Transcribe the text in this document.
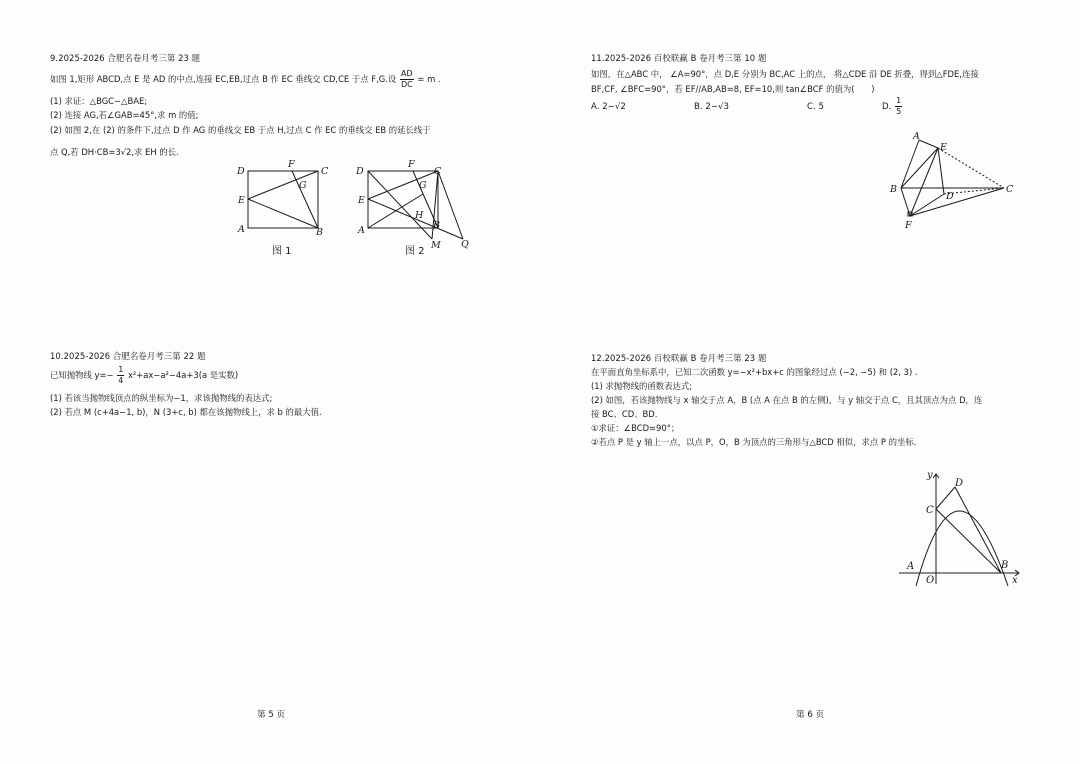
9.2025-2026 合肥名卷月考三第 23 题
如图 1,矩形 ABCD,点 E 是 AD 的中点,连接 EC,EB,过点 B 作 EC 垂线交 CD,CE 于点 F,G.设 $\frac{AD}{DC} = m$ .
(1) 求证：△BGC∽△BAE;
(2) 连接 AG,若∠GAB=45°,求 m 的值;
(2) 如图 2,在 (2) 的条件下,过点 D 作 AG 的垂线交 EB 于点 H,过点 C 作 EC 的垂线交 EB 的延长线于
点 Q,若 DH·CB=3√2,求 EH 的长.
D
F
C
G
E
A	B
图 1
D
F
C
G
E
H
A	B
M Q
图 2
10.2025-2026 合肥名卷月考三第 22 题
已知抛物线 $y=- \frac{1}{4} x^2+ax-a^2-4a+3(a$ 是实数)
(1) 若该当抛物线顶点的纵坐标为−1，求该抛物线的表达式;
(2) 若点 M (c+4a−1, b)，N (3+c, b) 都在该抛物线上，求 b 的最大值.
第 5 页
11.2025-2026 百校联赢 B 卷月考三第 10 题
如图，在△ABC 中， ∠A=90°，点 D,E 分别为 BC,AC 上的点， 将△CDE 沿 DE 折叠，得到△FDE,连接
BF,CF, ∠BFC=90°，若 EF//AB,AB=8, EF=10,则 tan∠BCF 的值为(　　)
A. 2−√2	B. 2−√3	C. 5	D. $\frac{1}{5}$
A
E
B
D
C
F
12.2025-2026 百校联赢 B 卷月考三第 23 题
在平面直角坐标系中，已知二次函数 y=−x²+bx+c 的图象经过点 (−2, −5) 和 (2, 3) .
(1) 求抛物线的函数表达式;
(2) 如图，若该抛物线与 x 轴交于点 A，B (点 A 在点 B 的左侧)，与 y 轴交于点 C，且其顶点为点 D，连
接 BC、CD、BD.
①求证：∠BCD=90°；
②若点 P 是 y 轴上一点，以点 P，O，B 为顶点的三角形与△BCD 相似，求点 P 的坐标.
y
D
C
A
O
B
x
第 6 页
